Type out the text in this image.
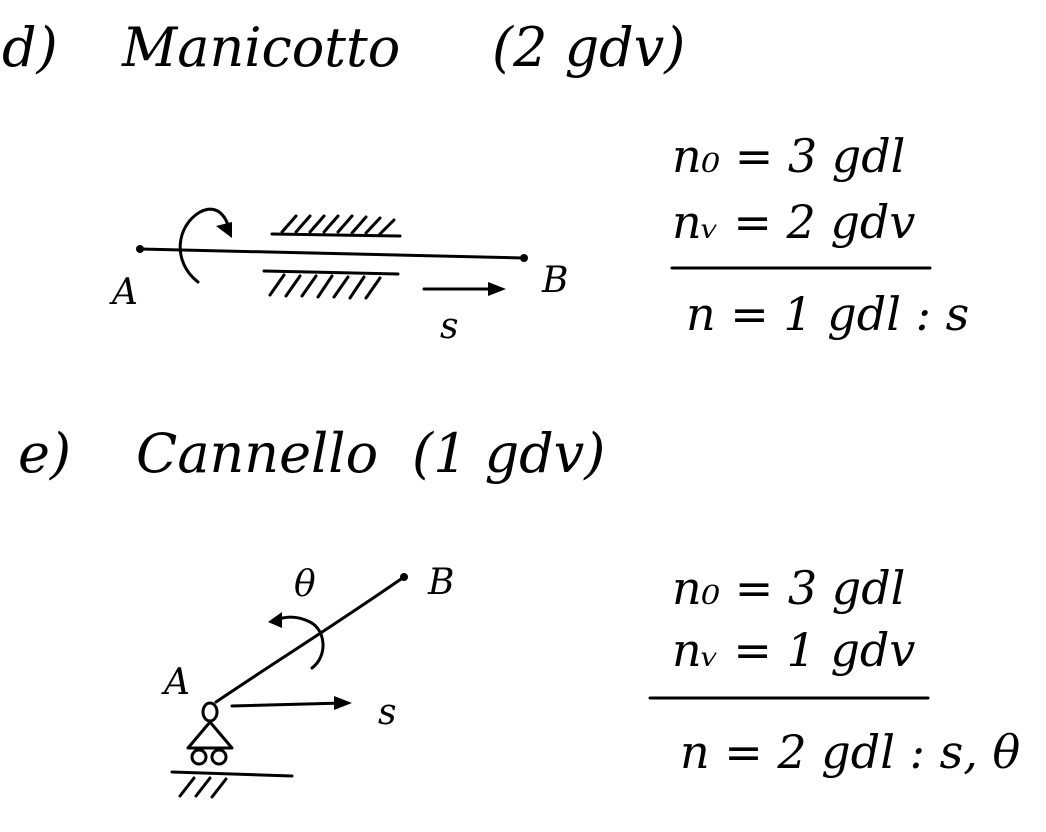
d) Manicotto (2 gdv)
A	B
s
n₀ = 3 gdl
nᵥ = 2 gdv
n = 1 gdl : s
e) Cannello (1 gdv)
A
B
θ
s
n₀ = 3 gdl
nᵥ = 1 gdv
n = 2 gdl : s, θ
